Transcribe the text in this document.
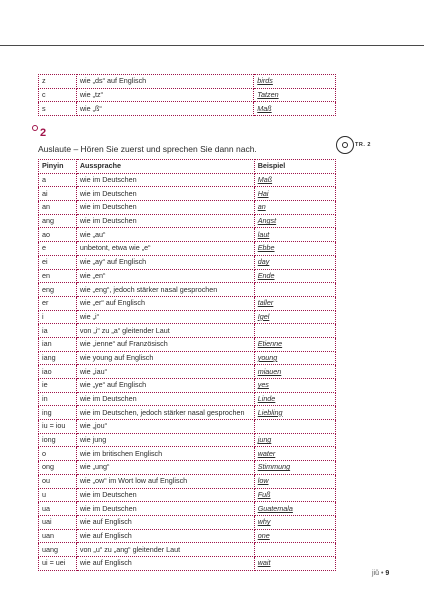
z	wie „ds“ auf Englisch	birds
c	wie „tz“	Tatzen
s	wie „ß“	Maß
2
Auslaute – Hören Sie zuerst und sprechen Sie dann nach.	TR. 2
Pinyin	Aussprache	Beispiel
a	wie im Deutschen	Maß
ai	wie im Deutschen	Hai
an	wie im Deutschen	an
ang	wie im Deutschen	Angst
ao	wie „au“	laut
e	unbetont, etwa wie „e“	Ebbe
ei	wie „ay“ auf Englisch	day
en	wie „en“	Ende
eng	wie „eng“, jedoch stärker nasal gesprochen	
er	wie „er“ auf Englisch	taller
i	wie „i“	Igel
ia	von „i“ zu „a“ gleitender Laut	
ian	wie „ienne“ auf Französisch	Etienne
iang	wie young auf Englisch	young
iao	wie „iau“	miauen
ie	wie „ye“ auf Englisch	yes
in	wie im Deutschen	Linde
ing	wie im Deutschen, jedoch stärker nasal gesprochen	Liebling
iu = iou	wie „jou“	
iong	wie jung	jung
o	wie im britischen Englisch	water
ong	wie „ung“	Stimmung
ou	wie „ow“ im Wort low auf Englisch	low
u	wie im Deutschen	Fuß
ua	wie im Deutschen	Guatemala
uai	wie auf Englisch	why
uan	wie auf Englisch	one
uang	von „u“ zu „ang“ gleitender Laut	
ui = uei	wie auf Englisch	wait
jiǔ • 9
